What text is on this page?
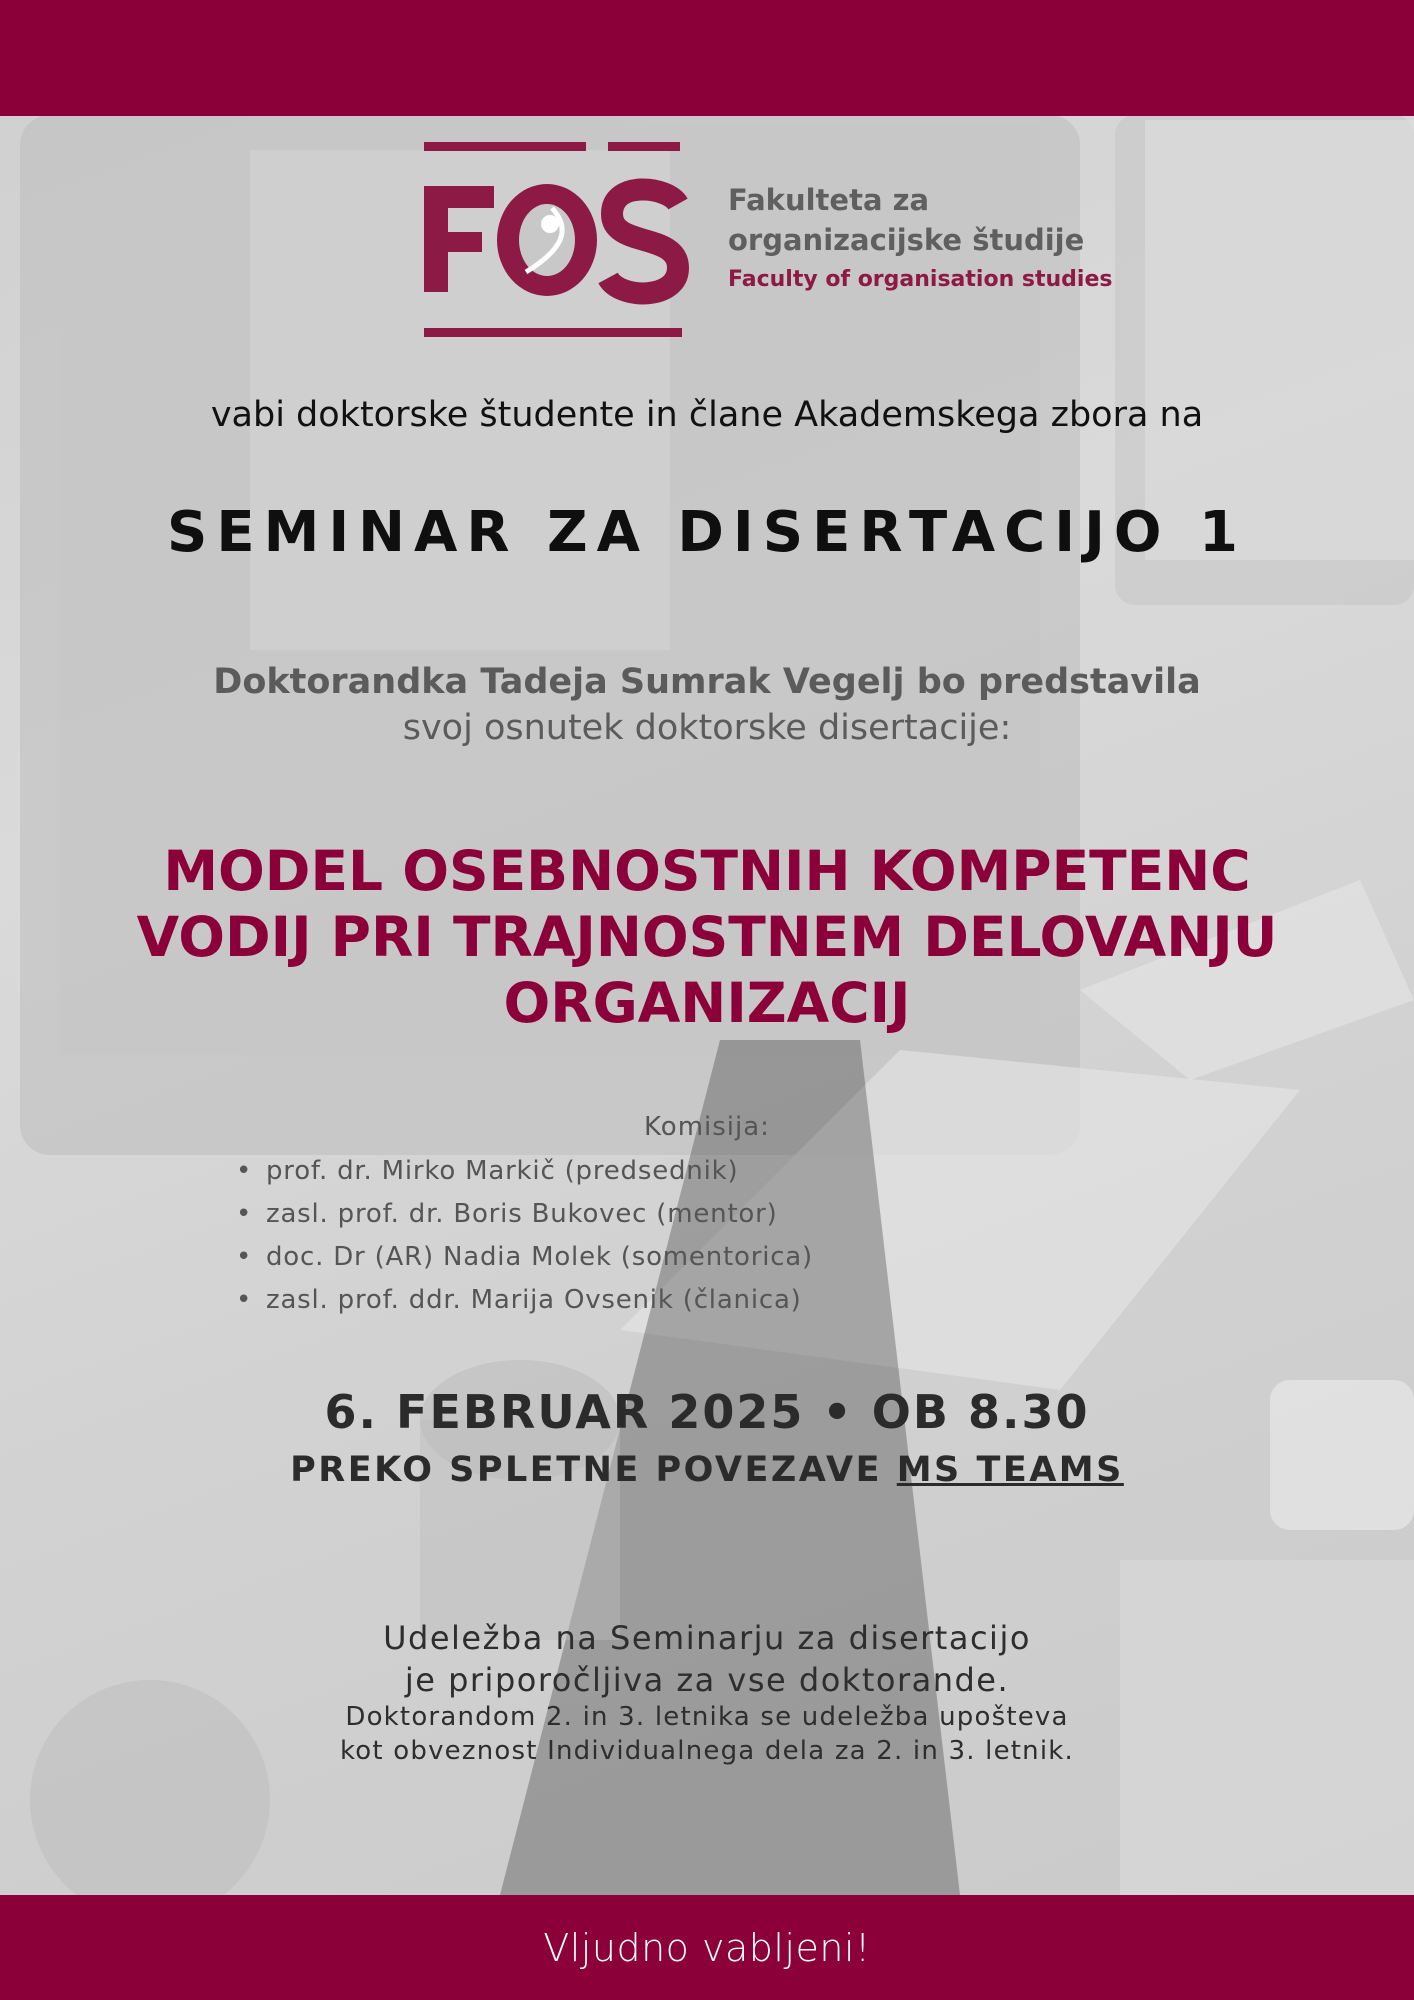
Fakulteta za
organizacijske študije
Faculty of organisation studies
vabi doktorske študente in člane Akademskega zbora na
SEMINAR ZA DISERTACIJO 1
Doktorandka Tadeja Sumrak Vegelj bo predstavila
svoj osnutek doktorske disertacije:
MODEL OSEBNOSTNIH KOMPETENC
VODIJ PRI TRAJNOSTNEM DELOVANJU
ORGANIZACIJ
Komisija:
• prof. dr. Mirko Markič (predsednik)
• zasl. prof. dr. Boris Bukovec (mentor)
• doc. Dr (AR) Nadia Molek (somentorica)
• zasl. prof. ddr. Marija Ovsenik (članica)
6. FEBRUAR 2025 • OB 8.30
PREKO SPLETNE POVEZAVE MS TEAMS
Udeležba na Seminarju za disertacijo
je priporočljiva za vse doktorande.
Doktorandom 2. in 3. letnika se udeležba upošteva
kot obveznost Individualnega dela za 2. in 3. letnik.
Vljudno vabljeni!
